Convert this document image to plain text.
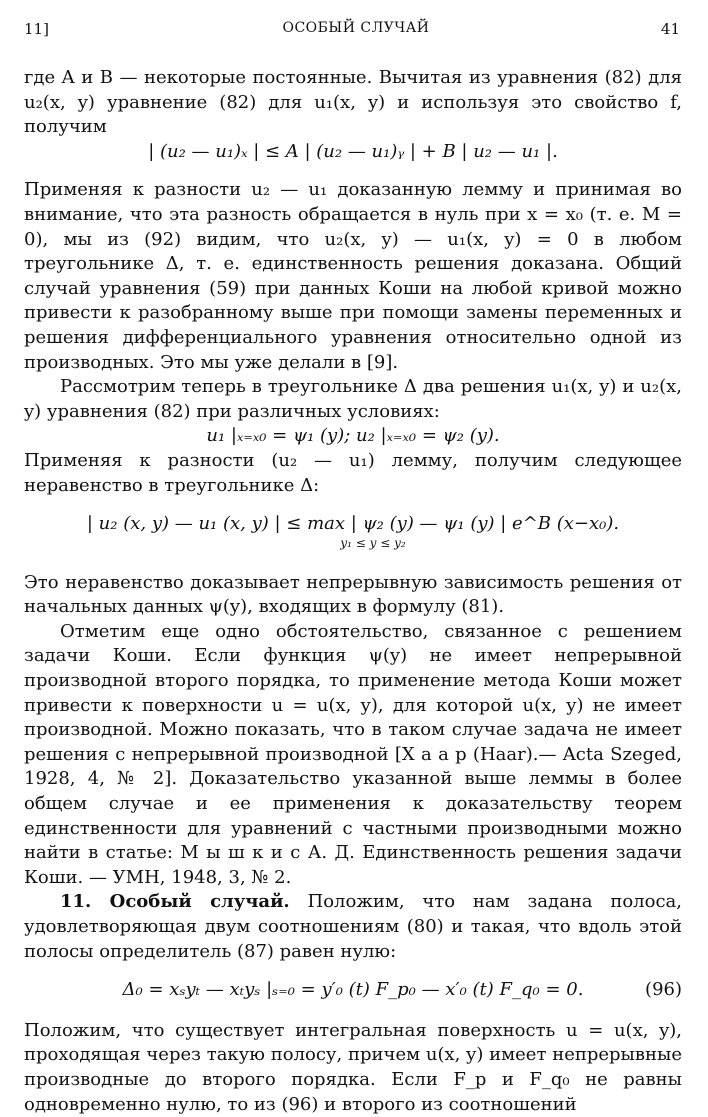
11]	ОСОБЫЙ СЛУЧАЙ	41

где A и B — некоторые постоянные. Вычитая из уравнения (82) для u₂(x, y) уравнение (82) для u₁(x, y) и используя это свойство f, получим

| (u₂ — u₁)ₓ | ≤ A | (u₂ — u₁)ᵧ | + B | u₂ — u₁ |.

Применяя к разности u₂ — u₁ доказанную лемму и принимая во внимание, что эта разность обращается в нуль при x = x₀ (т. е. M = 0), мы из (92) видим, что u₂(x, y) — u₁(x, y) = 0 в любом треугольнике Δ, т. е. единственность решения доказана. Общий случай уравнения (59) при данных Коши на любой кривой можно привести к разобранному выше при помощи замены переменных и решения дифференциального уравнения относительно одной из производных. Это мы уже делали в [9].

Рассмотрим теперь в треугольнике Δ два решения u₁(x, y) и u₂(x, y) уравнения (82) при различных условиях:

u₁ |ₓ₌ₓ₀ = ψ₁ (y); u₂ |ₓ₌ₓ₀ = ψ₂ (y).

Применяя к разности (u₂ — u₁) лемму, получим следующее неравенство в треугольнике Δ:

| u₂ (x, y) — u₁ (x, y) | ≤ max | ψ₂ (y) — ψ₁ (y) | e^B (x−x₀).
y₁ ≤ y ≤ y₂

Это неравенство доказывает непрерывную зависимость решения от начальных данных ψ(y), входящих в формулу (81).

Отметим еще одно обстоятельство, связанное с решением задачи Коши. Если функция ψ(y) не имеет непрерывной производной второго порядка, то применение метода Коши может привести к поверхности u = u(x, y), для которой u(x, y) не имеет производной. Можно показать, что в таком случае задача не имеет решения с непрерывной производной [Х а а р (Haar).— Acta Szeged, 1928, 4, № 2]. Доказательство указанной выше леммы в более общем случае и ее применения к доказательству теорем единственности для уравнений с частными производными можно найти в статье: М ы ш к и с А. Д. Единственность решения задачи Коши. — УМН, 1948, 3, № 2.

11. Особый случай. Положим, что нам задана полоса, удовлетворяющая двум соотношениям (80) и такая, что вдоль этой полосы определитель (87) равен нулю:

Δ₀ = xₛyₜ — xₜyₛ |ₛ₌₀ = y′₀ (t) F_p₀ — x′₀ (t) F_q₀ = 0.	(96)

Положим, что существует интегральная поверхность u = u(x, y), проходящая через такую полосу, причем u(x, y) имеет непрерывные производные до второго порядка. Если F_p и F_q₀ не равны одновременно нулю, то из (96) и второго из соотношений
